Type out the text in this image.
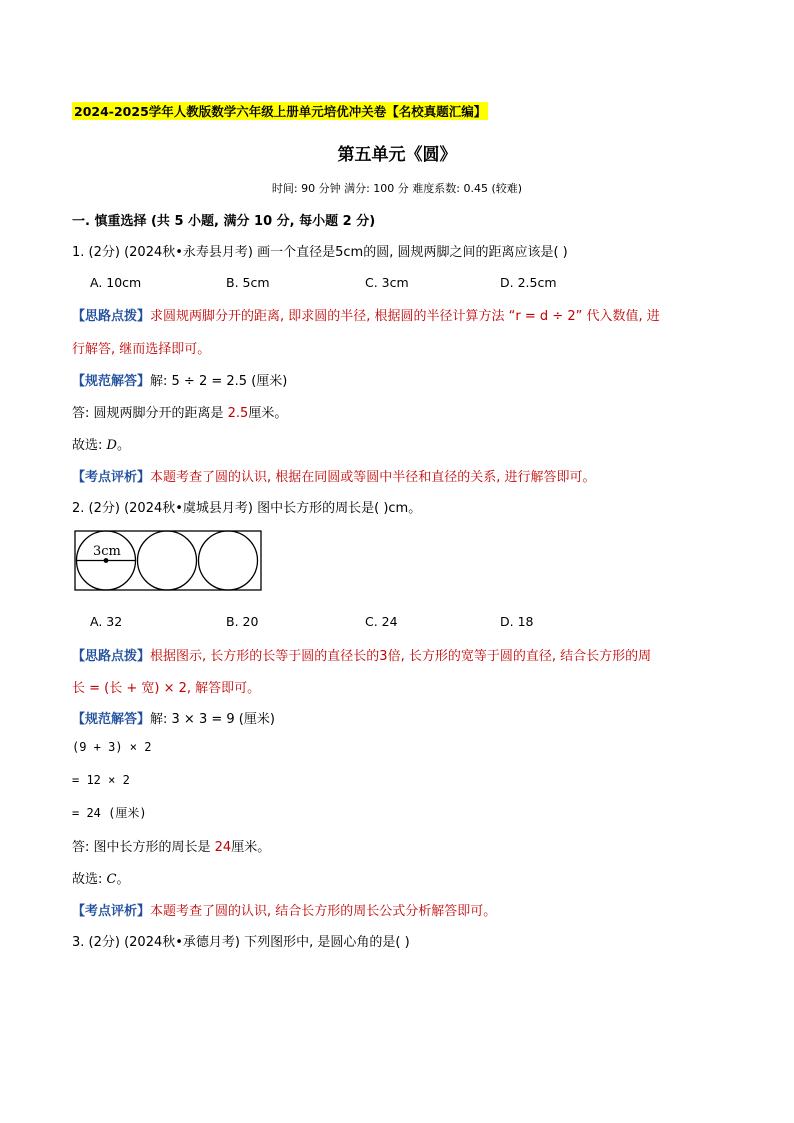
2024-2025学年人教版数学六年级上册单元培优冲关卷【名校真题汇编】
第五单元《圆》
时间: 90 分钟 满分: 100 分 难度系数: 0.45 (较难)
一. 慎重选择 (共 5 小题, 满分 10 分, 每小题 2 分)
1. (2分) (2024秋•永寿县月考) 画一个直径是5cm的圆, 圆规两脚之间的距离应该是( )
A. 10cm	B. 5cm	C. 3cm	D. 2.5cm
【思路点拨】求圆规两脚分开的距离, 即求圆的半径, 根据圆的半径计算方法 “r = d ÷ 2” 代入数值, 进
行解答, 继而选择即可。
【规范解答】解: 5 ÷ 2 = 2.5 (厘米)
答: 圆规两脚分开的距离是 2.5厘米。
故选: D。
【考点评析】本题考查了圆的认识, 根据在同圆或等圆中半径和直径的关系, 进行解答即可。
2. (2分) (2024秋•虞城县月考) 图中长方形的周长是( )cm。
3cm
A. 32	B. 20	C. 24	D. 18
【思路点拨】根据图示, 长方形的长等于圆的直径长的3倍, 长方形的宽等于圆的直径, 结合长方形的周
长 = (长 + 宽) × 2, 解答即可。
【规范解答】解: 3 × 3 = 9 (厘米)
(9 + 3) × 2
= 12 × 2
= 24 (厘米)
答: 图中长方形的周长是 24厘米。
故选: C。
【考点评析】本题考查了圆的认识, 结合长方形的周长公式分析解答即可。
3. (2分) (2024秋•承德月考) 下列图形中, 是圆心角的是( )
